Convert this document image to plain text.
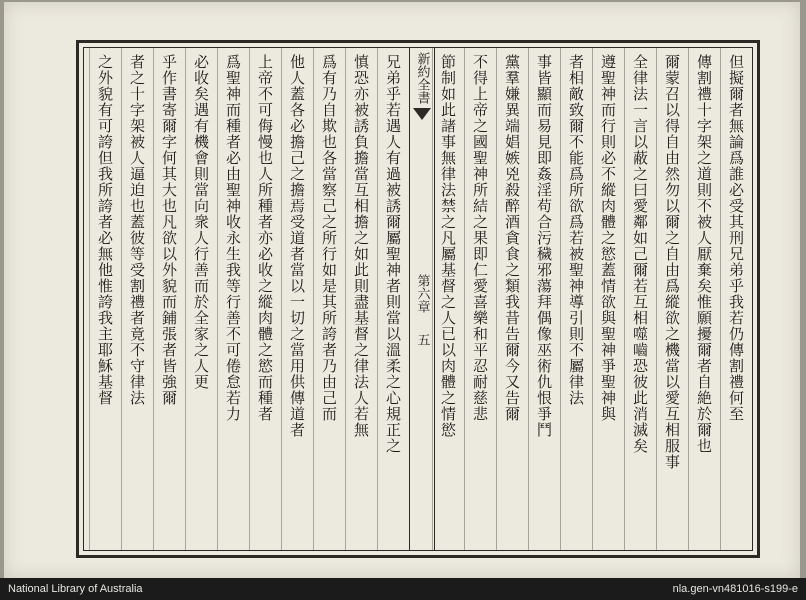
兄弟乎若遇人有過被誘爾屬聖神者則當以溫柔之心規正之
慎恐亦被誘負擔當互相擔之如此則盡基督之律法人若無
爲有乃自欺也各當察己之所行如是其所誇者乃由己而
他人蓋各必擔己之擔焉受道者當以一切之當用供傳道者
上帝不可侮慢也人所種者亦必收之縱肉體之慾而種者
爲聖神而種者必由聖神收永生我等行善不可倦怠若力
必收矣遇有機會則當向衆人行善而於全家之人更
乎作書寄爾字何其大也凡欲以外貌而鋪張者皆強爾
者之十字架被人逼迫也蓋彼等受割禮者竟不守律法
之外貌有可誇但我所誇者必無他惟誇我主耶穌基督	新約全書
第六章
五	但擬爾者無論爲誰必受其刑兄弟乎我若仍傳割禮何至
傳割禮十字架之道則不被人厭棄矣惟願擾爾者自絶於爾也
爾蒙召以得自由然勿以爾之自由爲縱欲之機當以愛互相服事
全律法一言以蔽之曰愛鄰如己爾若互相噬嚙恐彼此消滅矣
遵聖神而行則必不縱肉體之慾蓋情欲與聖神爭聖神與
者相敵致爾不能爲所欲爲若被聖神導引則不屬律法
事皆顯而易見即姦淫苟合污穢邪蕩拜偶像巫術仇恨爭鬥
黨羣嫌異端娼嫉兇殺醉酒貪食之類我昔告爾今又告爾
不得上帝之國聖神所結之果即仁愛喜樂和平忍耐慈悲
節制如此諸事無律法禁之凡屬基督之人已以肉體之情慾
National Library of Australia	nla.gen-vn481016-s199-e
